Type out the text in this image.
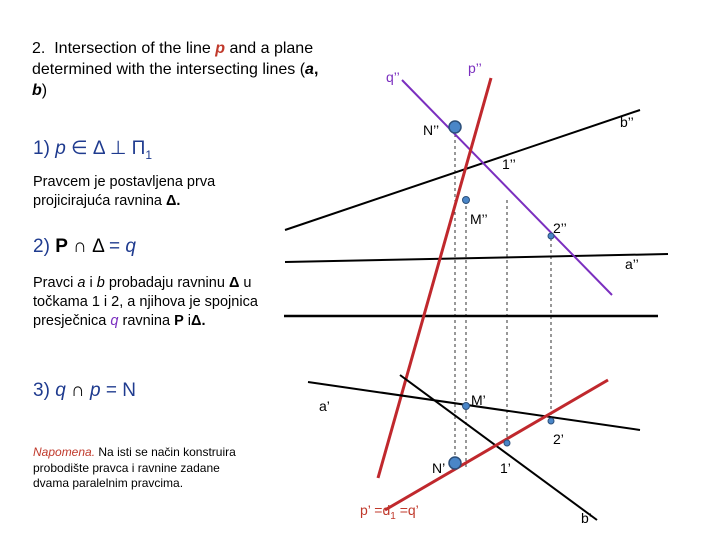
2. Intersection of the line p and a plane determined with the intersecting lines (a,
b)
1) p ∈ Δ ⊥ $\Pi_1$
Pravcem je postavljena prva projicirajuća ravnina Δ.
2) P ∩ Δ = q
Pravci a i b probadaju ravninu Δ u točkama 1 i 2, a njihova je spojnica presječnica q ravnina P iΔ.
3) q ∩ p = N
Napomena. Na isti se način konstruira probodište pravca i ravnine zadane dvama paralelnim pravcima.
q’’
p’’
N’’	b’’
1’’
M’’
2’’
a’’
a’	M’
2’
N’	1’
p’ $=d_1 =q$’	b’
